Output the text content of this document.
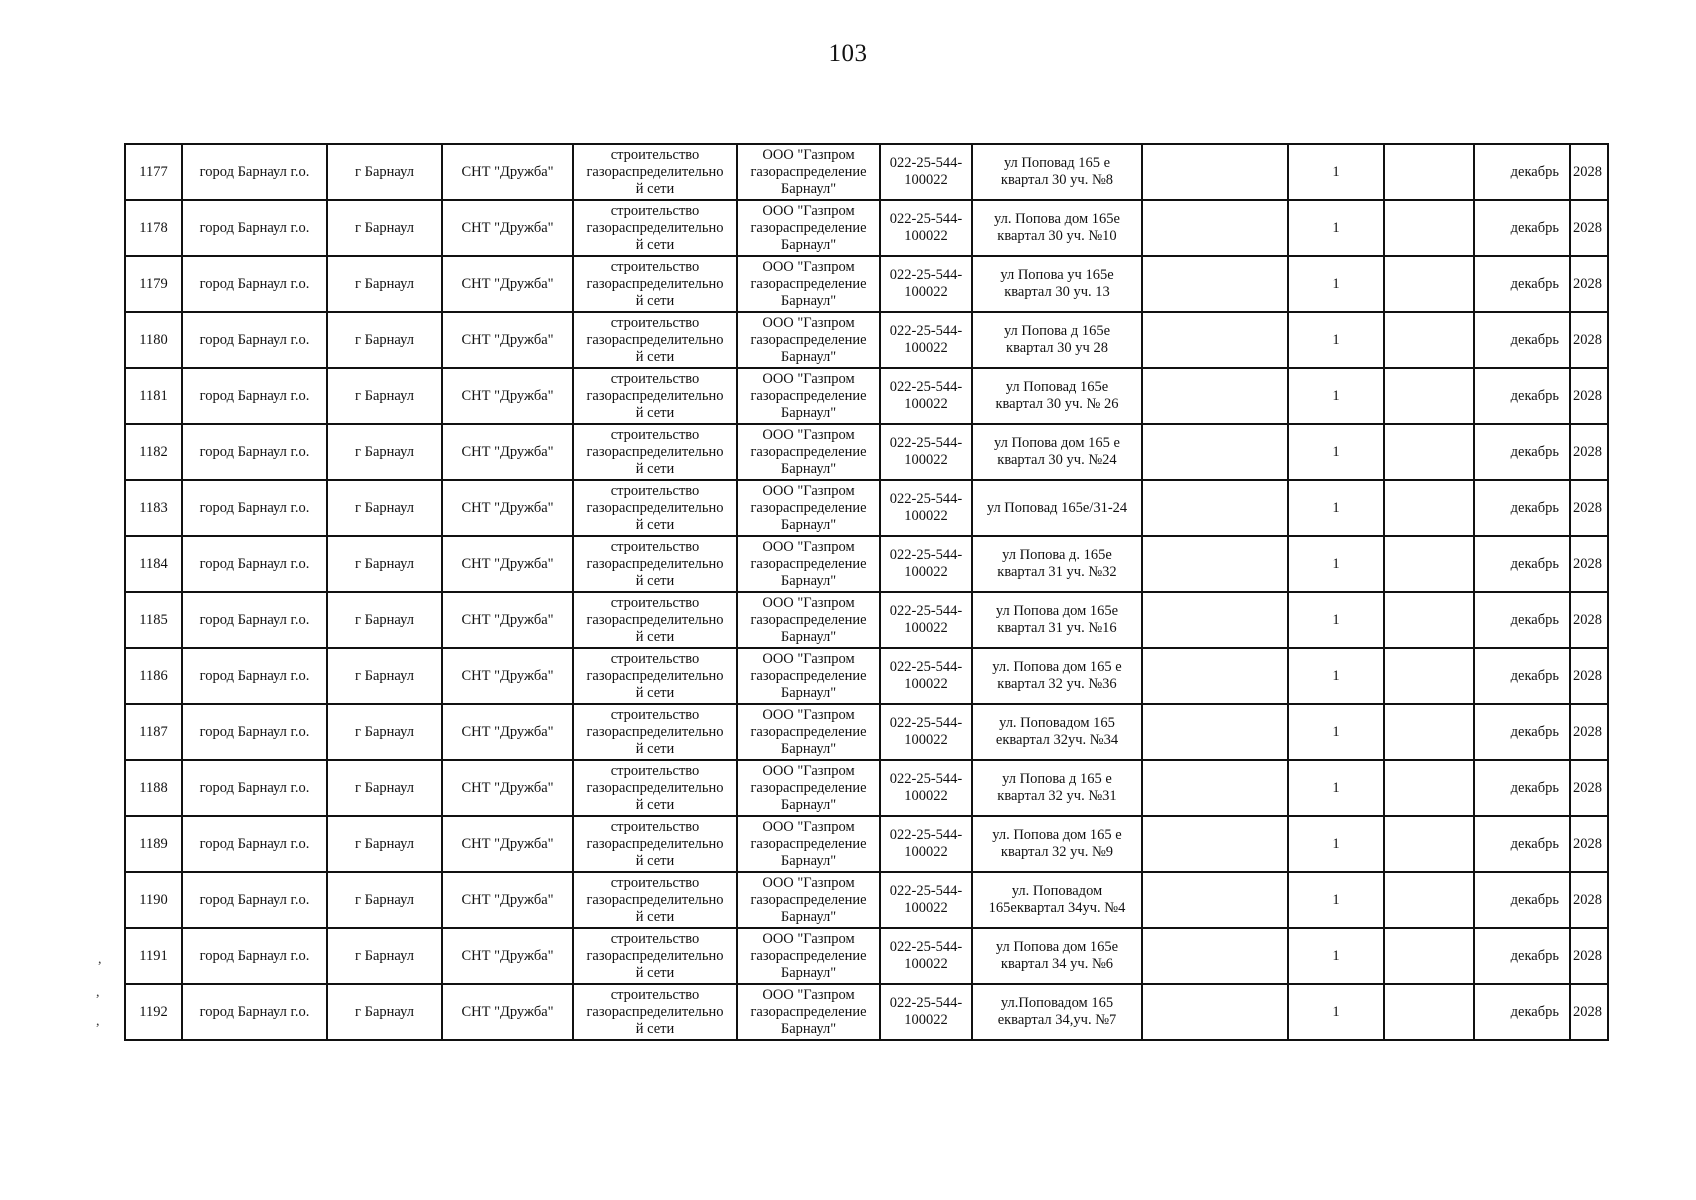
103
,
,
,
1177	город Барнаул г.о.	г Барнаул	СНТ "Дружба"	строительство
газораспределительно
й сети	ООО "Газпром
газораспределение
Барнаул"	022-25-544-
100022	ул Поповад 165 е
квартал 30 уч. №8		1		декабрь	2028
1178	город Барнаул г.о.	г Барнаул	СНТ "Дружба"	строительство
газораспределительно
й сети	ООО "Газпром
газораспределение
Барнаул"	022-25-544-
100022	ул. Попова дом 165е
квартал 30 уч. №10		1		декабрь	2028
1179	город Барнаул г.о.	г Барнаул	СНТ "Дружба"	строительство
газораспределительно
й сети	ООО "Газпром
газораспределение
Барнаул"	022-25-544-
100022	ул Попова уч 165е
квартал 30 уч. 13		1		декабрь	2028
1180	город Барнаул г.о.	г Барнаул	СНТ "Дружба"	строительство
газораспределительно
й сети	ООО "Газпром
газораспределение
Барнаул"	022-25-544-
100022	ул Попова д 165е
квартал 30 уч 28		1		декабрь	2028
1181	город Барнаул г.о.	г Барнаул	СНТ "Дружба"	строительство
газораспределительно
й сети	ООО "Газпром
газораспределение
Барнаул"	022-25-544-
100022	ул Поповад 165е
квартал 30 уч. № 26		1		декабрь	2028
1182	город Барнаул г.о.	г Барнаул	СНТ "Дружба"	строительство
газораспределительно
й сети	ООО "Газпром
газораспределение
Барнаул"	022-25-544-
100022	ул Попова дом 165 е
квартал 30 уч. №24		1		декабрь	2028
1183	город Барнаул г.о.	г Барнаул	СНТ "Дружба"	строительство
газораспределительно
й сети	ООО "Газпром
газораспределение
Барнаул"	022-25-544-
100022	ул Поповад 165е/31-24		1		декабрь	2028
1184	город Барнаул г.о.	г Барнаул	СНТ "Дружба"	строительство
газораспределительно
й сети	ООО "Газпром
газораспределение
Барнаул"	022-25-544-
100022	ул Попова д. 165е
квартал 31 уч. №32		1		декабрь	2028
1185	город Барнаул г.о.	г Барнаул	СНТ "Дружба"	строительство
газораспределительно
й сети	ООО "Газпром
газораспределение
Барнаул"	022-25-544-
100022	ул Попова дом 165е
квартал 31 уч. №16		1		декабрь	2028
1186	город Барнаул г.о.	г Барнаул	СНТ "Дружба"	строительство
газораспределительно
й сети	ООО "Газпром
газораспределение
Барнаул"	022-25-544-
100022	ул. Попова дом 165 е
квартал 32 уч. №36		1		декабрь	2028
1187	город Барнаул г.о.	г Барнаул	СНТ "Дружба"	строительство
газораспределительно
й сети	ООО "Газпром
газораспределение
Барнаул"	022-25-544-
100022	ул. Поповадом 165
еквартал 32уч. №34		1		декабрь	2028
1188	город Барнаул г.о.	г Барнаул	СНТ "Дружба"	строительство
газораспределительно
й сети	ООО "Газпром
газораспределение
Барнаул"	022-25-544-
100022	ул Попова д 165 е
квартал 32 уч. №31		1		декабрь	2028
1189	город Барнаул г.о.	г Барнаул	СНТ "Дружба"	строительство
газораспределительно
й сети	ООО "Газпром
газораспределение
Барнаул"	022-25-544-
100022	ул. Попова дом 165 е
квартал 32 уч. №9		1		декабрь	2028
1190	город Барнаул г.о.	г Барнаул	СНТ "Дружба"	строительство
газораспределительно
й сети	ООО "Газпром
газораспределение
Барнаул"	022-25-544-
100022	ул. Поповадом
165еквартал 34уч. №4		1		декабрь	2028
1191	город Барнаул г.о.	г Барнаул	СНТ "Дружба"	строительство
газораспределительно
й сети	ООО "Газпром
газораспределение
Барнаул"	022-25-544-
100022	ул Попова дом 165е
квартал 34 уч. №6		1		декабрь	2028
1192	город Барнаул г.о.	г Барнаул	СНТ "Дружба"	строительство
газораспределительно
й сети	ООО "Газпром
газораспределение
Барнаул"	022-25-544-
100022	ул.Поповадом 165
еквартал 34,уч. №7		1		декабрь	2028
